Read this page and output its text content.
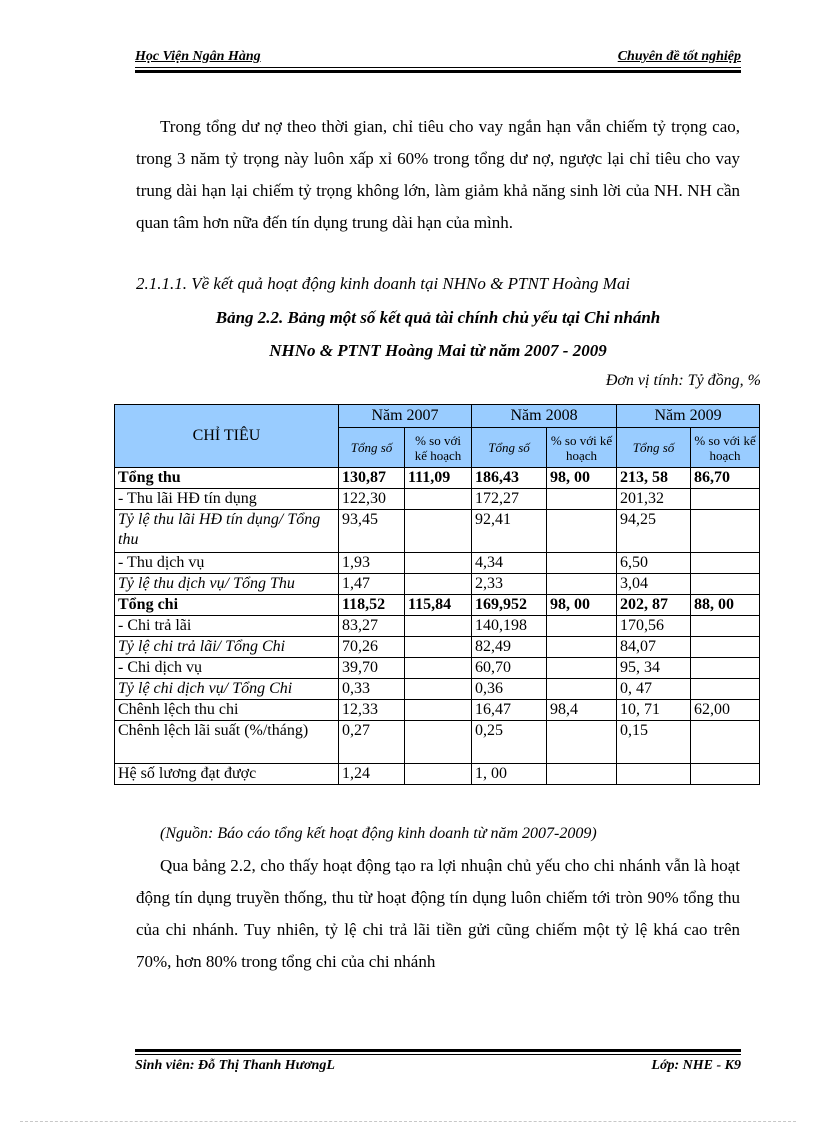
Học Viện Ngân Hàng	Chuyên đề tốt nghiệp

Trong tổng dư nợ theo thời gian, chỉ tiêu cho vay ngắn hạn vẫn chiếm tỷ trọng cao, trong 3 năm tỷ trọng này luôn xấp xỉ 60% trong tổng dư nợ, ngược lại chỉ tiêu cho vay trung dài hạn lại chiếm tỷ trọng không lớn, làm giảm khả năng sinh lời của NH. NH cần quan tâm hơn nữa đến tín dụng trung dài hạn của mình.

2.1.1.1. Về kết quả hoạt động kinh doanh tại NHNo & PTNT Hoàng Mai
Bảng 2.2. Bảng một số kết quả tài chính chủ yếu tại Chi nhánh
NHNo & PTNT Hoàng Mai từ năm 2007 - 2009
Đơn vị tính: Tỷ đồng, %
CHỈ TIÊU	Năm 2007		Năm 2008		Năm 2009	
	Tổng số	% so với kế hoạch	Tổng số	% so với kế hoạch	Tổng số	% so với kế hoạch
Tổng thu	130,87	111,09	186,43	98, 00	213, 58	86,70
- Thu lãi HĐ tín dụng	122,30		172,27		201,32	
Tỷ lệ thu lãi HĐ tín dụng/ Tổng thu	93,45		92,41		94,25	
- Thu dịch vụ	1,93		4,34		6,50	
Tỷ lệ thu dịch vụ/ Tổng Thu	1,47		2,33		3,04	
Tổng chi	118,52	115,84	169,952	98, 00	202, 87	88, 00
- Chi trả lãi	83,27		140,198		170,56	
Tỷ lệ chi trả lãi/ Tổng Chi	70,26		82,49		84,07	
- Chi dịch vụ	39,70		60,70		95, 34	
Tỷ lệ chi dịch vụ/ Tổng Chi	0,33		0,36		0, 47	
Chênh lệch thu chi	12,33		16,47	98,4	10, 71	62,00
Chênh lệch lãi suất (%/tháng)	0,27		0,25		0,15	
Hệ số lương đạt được	1,24		1, 00			
(Nguồn: Báo cáo tổng kết hoạt động kinh doanh từ năm 2007-2009)

Qua bảng 2.2, cho thấy hoạt động tạo ra lợi nhuận chủ yếu cho chi nhánh vẫn là hoạt động tín dụng truyền thống, thu từ hoạt động tín dụng luôn chiếm tới tròn 90% tổng thu của chi nhánh. Tuy nhiên, tỷ lệ chi trả lãi tiền gửi cũng chiếm một tỷ lệ khá cao trên 70%, hơn 80% trong tổng chi của chi nhánh

Sinh viên: Đỗ Thị Thanh HươngL	Lớp: NHE - K9
